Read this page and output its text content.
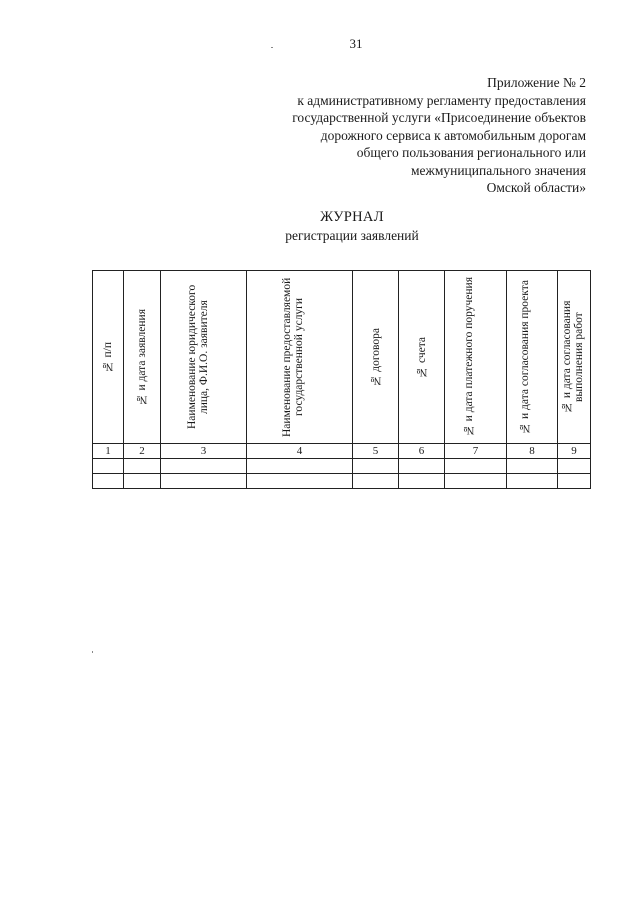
31
Приложение № 2
к административному регламенту предоставления
государственной услуги «Присоединение объектов
дорожного сервиса к автомобильным дорогам
общего пользования регионального или
межмуниципального значения
Омской области»
ЖУРНАЛ
регистрации заявлений
№ п/п	№ и дата заявления	Наименование юридического лица, Ф.И.О. заявителя	Наименование предоставляемой государственной услуги	№ договора	№ счета	№ и дата платежного поручения	№ и дата согласования проекта	№ и дата согласования выполнения работ

1	2	3	4	5	6	7	8	9
